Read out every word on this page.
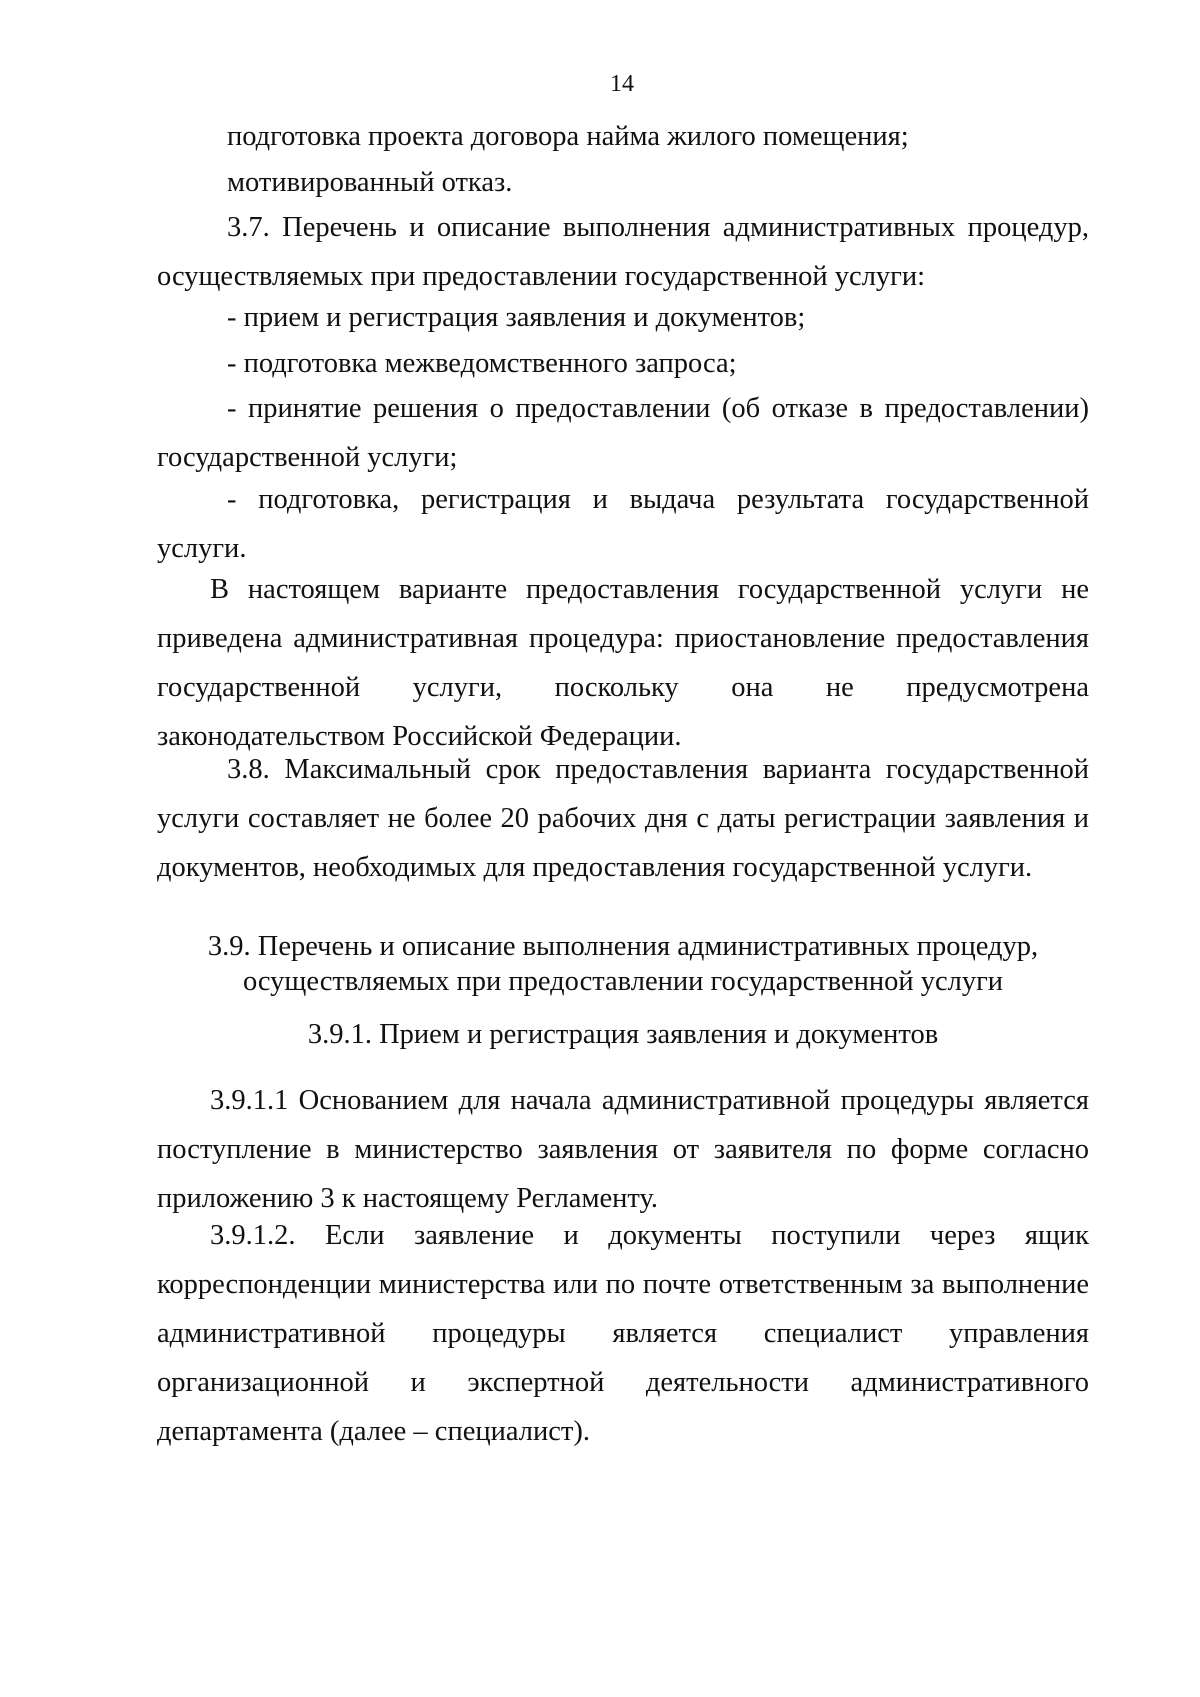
14

подготовка проекта договора найма жилого помещения;

мотивированный отказ.

3.7. Перечень и описание выполнения административных процедур, осуществляемых при предоставлении государственной услуги:

- прием и регистрация заявления и документов;

- подготовка межведомственного запроса;

- принятие решения о предоставлении (об отказе в предоставлении) государственной услуги;

- подготовка, регистрация и выдача результата государственной услуги.

В настоящем варианте предоставления государственной услуги не приведена административная процедура: приостановление предоставления государственной услуги, поскольку она не предусмотрена законодательством Российской Федерации.

3.8. Максимальный срок предоставления варианта государственной услуги составляет не более 20 рабочих дня с даты регистрации заявления и документов, необходимых для предоставления государственной услуги.

3.9. Перечень и описание выполнения административных процедур,

осуществляемых при предоставлении государственной услуги

3.9.1. Прием и регистрация заявления и документов

3.9.1.1 Основанием для начала административной процедуры является поступление в министерство заявления от заявителя по форме согласно приложению 3 к настоящему Регламенту.

3.9.1.2. Если заявление и документы поступили через ящик корреспонденции министерства или по почте ответственным за выполнение административной процедуры является специалист управления организационной и экспертной деятельности административного департамента (далее – специалист).
